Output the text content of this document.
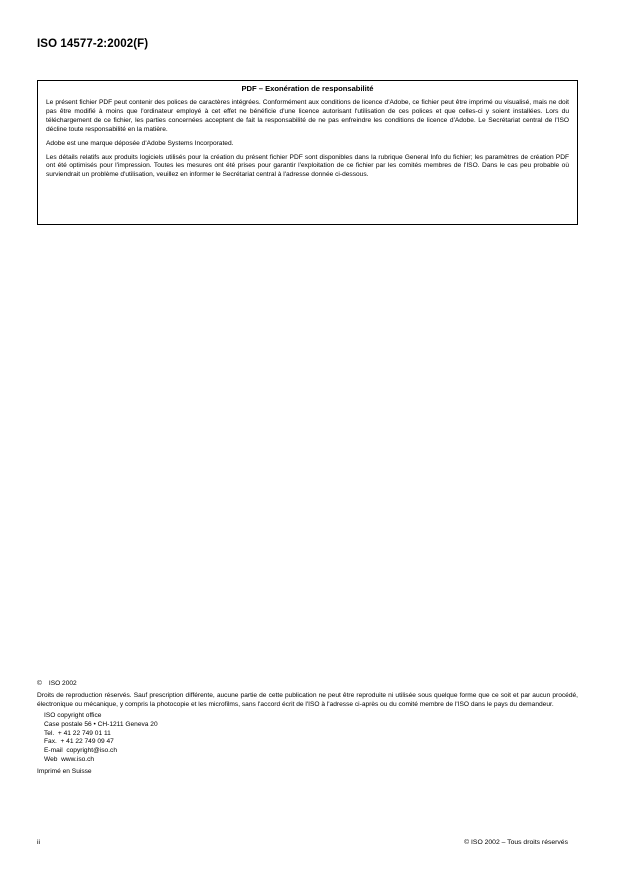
ISO 14577-2:2002(F)
PDF – Exonération de responsabilité

Le présent fichier PDF peut contenir des polices de caractères intégrées. Conformément aux conditions de licence d'Adobe, ce fichier peut être imprimé ou visualisé, mais ne doit pas être modifié à moins que l'ordinateur employé à cet effet ne bénéficie d'une licence autorisant l'utilisation de ces polices et que celles-ci y soient installées. Lors du téléchargement de ce fichier, les parties concernées acceptent de fait la responsabilité de ne pas enfreindre les conditions de licence d'Adobe. Le Secrétariat central de l'ISO décline toute responsabilité en la matière.

Adobe est une marque déposée d'Adobe Systems Incorporated.

Les détails relatifs aux produits logiciels utilisés pour la création du présent fichier PDF sont disponibles dans la rubrique General Info du fichier; les paramètres de création PDF ont été optimisés pour l'impression. Toutes les mesures ont été prises pour garantir l'exploitation de ce fichier par les comités membres de l'ISO. Dans le cas peu probable où surviendrait un problème d'utilisation, veuillez en informer le Secrétariat central à l'adresse donnée ci-dessous.

© ISO 2002

Droits de reproduction réservés. Sauf prescription différente, aucune partie de cette publication ne peut être reproduite ni utilisée sous quelque forme que ce soit et par aucun procédé, électronique ou mécanique, y compris la photocopie et les microfilms, sans l'accord écrit de l'ISO à l'adresse ci-après ou du comité membre de l'ISO dans le pays du demandeur.

ISO copyright office
Case postale 56 • CH-1211 Geneva 20
Tel.  + 41 22 749 01 11
Fax.  + 41 22 749 09 47
E-mail  copyright@iso.ch
Web  www.iso.ch

Imprimé en Suisse

ii	© ISO 2002 – Tous droits réservés
